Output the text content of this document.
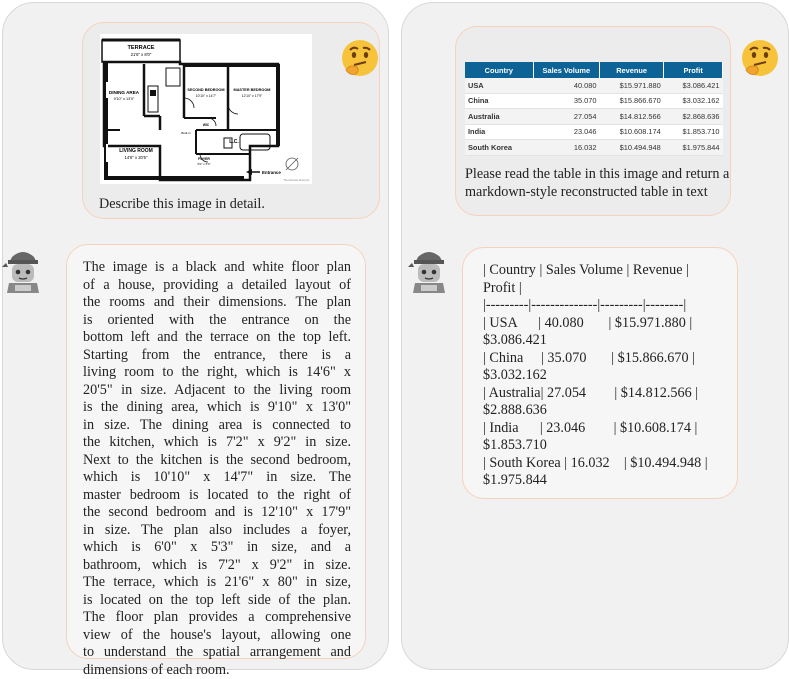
TERRACE
21'6" x 8'0"
DINING AREA
9'10" x 13'0"
SECOND BEDROOM
10'10" x 14'7"
MASTER BEDROOM
12'10" x 17'9"
LIVING ROOM
14'6" x 20'5"	FOYER
6'0" x 5'3"
WIC
Built-in
L.C.
Entrance
The Corcoran Group Inc.
Describe this image in detail.
The image is a black and white floor plan
of a house, providing a detailed layout of
the rooms and their dimensions. The plan
is oriented with the entrance on the
bottom left and the terrace on the top left.
Starting from the entrance, there is a
living room to the right, which is 14'6" x
20'5" in size. Adjacent to the living room
is the dining area, which is 9'10" x 13'0"
in size. The dining area is connected to
the kitchen, which is 7'2" x 9'2" in size.
Next to the kitchen is the second bedroom,
which is 10'10" x 14'7" in size. The
master bedroom is located to the right of
the second bedroom and is 12'10" x 17'9"
in size. The plan also includes a foyer,
which is 6'0" x 5'3" in size, and a
bathroom, which is 7'2" x 9'2" in size.
The terrace, which is 21'6" x 80" in size,
is located on the top left side of the plan.
The floor plan provides a comprehensive
view of the house's layout, allowing one
to understand the spatial arrangement and
dimensions of each room.
Country	Sales Volume	Revenue	Profit
USA	40.080	$15.971.880	$3.086.421
China	35.070	$15.866.670	$3.032.162
Australia	27.054	$14.812.566	$2.868.636
India	23.046	$10.608.174	$1.853.710
South Korea	16.032	$10.494.948	$1.975.844
Please read the table in this image and return a
markdown-style reconstructed table in text
| Country | Sales Volume | Revenue |
Profit |
|---------|--------------|---------|--------|
| USA      | 40.080       | $15.971.880 |
$3.086.421
| China     | 35.070       | $15.866.670 |
$3.032.162
| Australia| 27.054        | $14.812.566 |
$2.888.636
| India      | 23.046        | $10.608.174 |
$1.853.710
| South Korea | 16.032    | $10.494.948 |
$1.975.844
